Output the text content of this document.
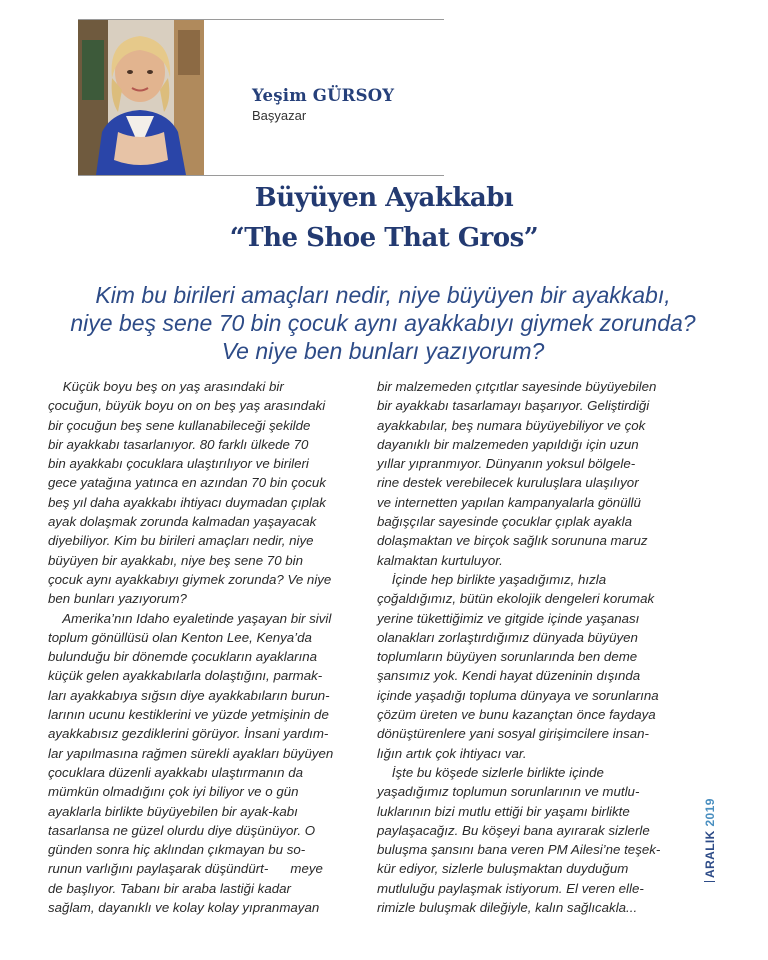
Yeşim GÜRSOY
Başyazar
Büyüyen Ayakkabı
“The Shoe That Gros”

Kim bu birileri amaçları nedir, niye büyüyen bir ayakkabı,

niye beş sene 70 bin çocuk aynı ayakkabıyı giymek zorunda?

Ve niye ben bunları yazıyorum?

Küçük boyu beş on yaş arasındaki bir
çocuğun, büyük boyu on on beş yaş arasındaki
bir çocuğun beş sene kullanabileceği şekilde
bir ayakkabı tasarlanıyor. 80 farklı ülkede 70
bin ayakkabı çocuklara ulaştırılıyor ve birileri
gece yatağına yatınca en azından 70 bin çocuk
beş yıl daha ayakkabı ihtiyacı duymadan çıplak
ayak dolaşmak zorunda kalmadan yaşayacak
diyebiliyor. Kim bu birileri amaçları nedir, niye
büyüyen bir ayakkabı, niye beş sene 70 bin
çocuk aynı ayakkabıyı giymek zorunda? Ve niye
ben bunları yazıyorum?
Amerika’nın Idaho eyaletinde yaşayan bir sivil
toplum gönüllüsü olan Kenton Lee, Kenya’da
bulunduğu bir dönemde çocukların ayaklarına
küçük gelen ayakkabılarla dolaştığını, parmak-
ları ayakkabıya sığsın diye ayakkabıların burun-
larının ucunu kestiklerini ve yüzde yetmişinin de
ayakkabısız gezdiklerini görüyor. İnsani yardım-
lar yapılmasına rağmen sürekli ayakları büyüyen
çocuklara düzenli ayakkabı ulaştırmanın da
mümkün olmadığını çok iyi biliyor ve o gün
ayaklarla birlikte büyüyebilen bir ayak-kabı
tasarlansa ne güzel olurdu diye düşünüyor. O
günden sonra hiç aklından çıkmayan bu so-
runun varlığını paylaşarak düşündürt-      meye
de başlıyor. Tabanı bir araba lastiği kadar
sağlam, dayanıklı ve kolay kolay yıpranmayan
bir malzemeden çıtçıtlar sayesinde büyüyebilen
bir ayakkabı tasarlamayı başarıyor. Geliştirdiği
ayakkabılar, beş numara büyüyebiliyor ve çok
dayanıklı bir malzemeden yapıldığı için uzun
yıllar yıpranmıyor. Dünyanın yoksul bölgele-
rine destek verebilecek kuruluşlara ulaşılıyor
ve internetten yapılan kampanyalarla gönüllü
bağışçılar sayesinde çocuklar çıplak ayakla
dolaşmaktan ve birçok sağlık sorununa maruz
kalmaktan kurtuluyor.
İçinde hep birlikte yaşadığımız, hızla
çoğaldığımız, bütün ekolojik dengeleri korumak
yerine tükettiğimiz ve gitgide içinde yaşanası
olanakları zorlaştırdığımız dünyada büyüyen
toplumların büyüyen sorunlarında ben deme
şansımız yok. Kendi hayat düzeninin dışında
içinde yaşadığı topluma dünyaya ve sorunlarına
çözüm üreten ve bunu kazançtan önce faydaya
dönüştürenlere yani sosyal girişimcilere insan-
lığın artık çok ihtiyacı var.
İşte bu köşede sizlerle birlikte içinde
yaşadığımız toplumun sorunlarının ve mutlu-
luklarının bizi mutlu ettiği bir yaşamı birlikte
paylaşacağız. Bu köşeyi bana ayırarak sizlerle
buluşma şansını bana veren PM Ailesi’ne teşek-
kür ediyor, sizlerle buluşmaktan duyduğum
mutluluğu paylaşmak istiyorum. El veren elle-
rimizle buluşmak dileğiyle, kalın sağlıcakla...
ARALIK 2019
